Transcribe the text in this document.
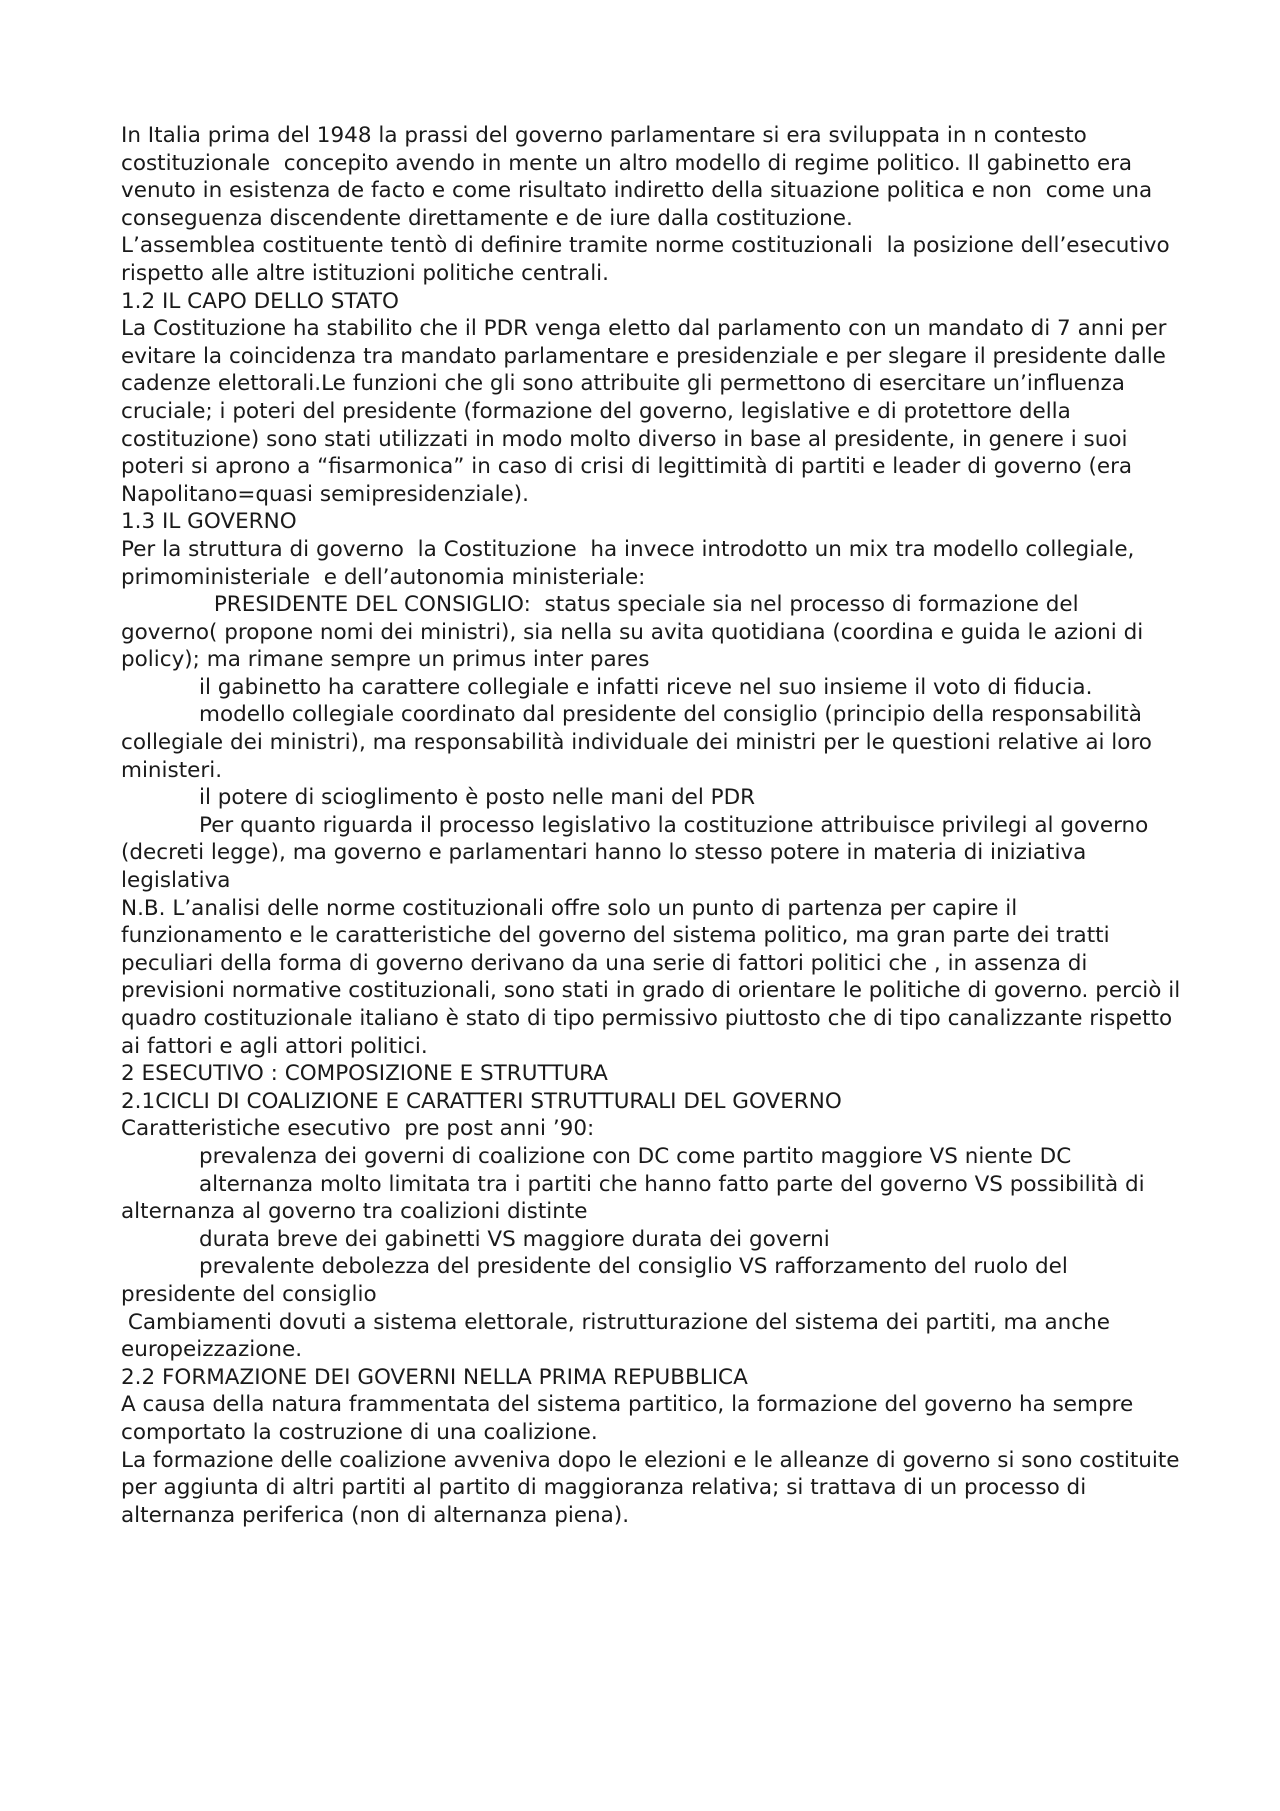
In Italia prima del 1948 la prassi del governo parlamentare si era sviluppata in n contesto costituzionale  concepito avendo in mente un altro modello di regime politico. Il gabinetto era venuto in esistenza de facto e come risultato indiretto della situazione politica e non  come una conseguenza discendente direttamente e de iure dalla costituzione.

L’assemblea costituente tentò di definire tramite norme costituzionali  la posizione dell’esecutivo rispetto alle altre istituzioni politiche centrali.

1.2 IL CAPO DELLO STATO

La Costituzione ha stabilito che il PDR venga eletto dal parlamento con un mandato di 7 anni per evitare la coincidenza tra mandato parlamentare e presidenziale e per slegare il presidente dalle cadenze elettorali.Le funzioni che gli sono attribuite gli permettono di esercitare un’influenza cruciale; i poteri del presidente (formazione del governo, legislative e di protettore della costituzione) sono stati utilizzati in modo molto diverso in base al presidente, in genere i suoi poteri si aprono a “fisarmonica” in caso di crisi di legittimità di partiti e leader di governo (era Napolitano=quasi semipresidenziale).

1.3 IL GOVERNO

Per la struttura di governo  la Costituzione  ha invece introdotto un mix tra modello collegiale, primoministeriale  e dell’autonomia ministeriale:

PRESIDENTE DEL CONSIGLIO:  status speciale sia nel processo di formazione del governo( propone nomi dei ministri), sia nella su avita quotidiana (coordina e guida le azioni di policy); ma rimane sempre un primus inter pares

il gabinetto ha carattere collegiale e infatti riceve nel suo insieme il voto di fiducia.

modello collegiale coordinato dal presidente del consiglio (principio della responsabilità collegiale dei ministri), ma responsabilità individuale dei ministri per le questioni relative ai loro ministeri.

il potere di scioglimento è posto nelle mani del PDR

Per quanto riguarda il processo legislativo la costituzione attribuisce privilegi al governo (decreti legge), ma governo e parlamentari hanno lo stesso potere in materia di iniziativa legislativa

N.B. L’analisi delle norme costituzionali offre solo un punto di partenza per capire il funzionamento e le caratteristiche del governo del sistema politico, ma gran parte dei tratti peculiari della forma di governo derivano da una serie di fattori politici che , in assenza di previsioni normative costituzionali, sono stati in grado di orientare le politiche di governo. perciò il quadro costituzionale italiano è stato di tipo permissivo piuttosto che di tipo canalizzante rispetto ai fattori e agli attori politici.

2 ESECUTIVO : COMPOSIZIONE E STRUTTURA

2.1CICLI DI COALIZIONE E CARATTERI STRUTTURALI DEL GOVERNO

Caratteristiche esecutivo  pre post anni ’90:

prevalenza dei governi di coalizione con DC come partito maggiore VS niente DC

alternanza molto limitata tra i partiti che hanno fatto parte del governo VS possibilità di alternanza al governo tra coalizioni distinte

durata breve dei gabinetti VS maggiore durata dei governi

prevalente debolezza del presidente del consiglio VS rafforzamento del ruolo del presidente del consiglio

Cambiamenti dovuti a sistema elettorale, ristrutturazione del sistema dei partiti, ma anche europeizzazione.

2.2 FORMAZIONE DEI GOVERNI NELLA PRIMA REPUBBLICA

A causa della natura frammentata del sistema partitico, la formazione del governo ha sempre comportato la costruzione di una coalizione.

La formazione delle coalizione avveniva dopo le elezioni e le alleanze di governo si sono costituite  per aggiunta di altri partiti al partito di maggioranza relativa; si trattava di un processo di alternanza periferica (non di alternanza piena).
